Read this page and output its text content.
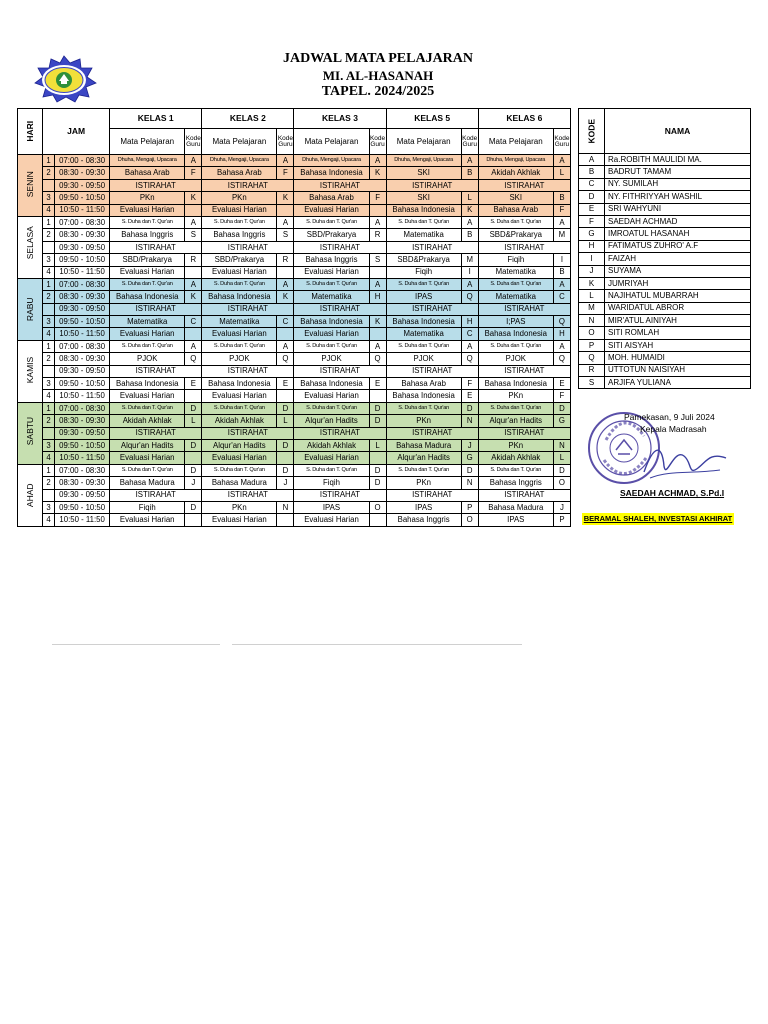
JADWAL MATA PELAJARAN
MI. AL-HASANAH
TAPEL. 2024/2025
HARI	JAM		KELAS 1		KELAS 2		KELAS 3		KELAS 5		KELAS 6	
			Mata Pelajaran	Kode Guru	Mata Pelajaran	Kode Guru	Mata Pelajaran	Kode Guru	Mata Pelajaran	Kode Guru	Mata Pelajaran	Kode Guru

SENIN	1	07:00 - 08:30	Dhuha, Mengaji, Upacara	A	Dhuha, Mengaji, Upacara	A	Dhuha, Mengaji, Upacara	A	Dhuha, Mengaji, Upacara	A	Dhuha, Mengaji, Upacara	A
	2	08:30 - 09:30	Bahasa Arab	F	Bahasa Arab	F	Bahasa Indonesia	K	SKI	B	Akidah Akhlak	L
		09:30 - 09:50	ISTIRAHAT		ISTIRAHAT		ISTIRAHAT		ISTIRAHAT		ISTIRAHAT	
	3	09:50 - 10:50	PKn	K	PKn	K	Bahasa Arab	F	SKI	L	SKI	B
	4	10:50 - 11:50	Evaluasi Harian		Evaluasi Harian		Evaluasi Harian		Bahasa Indonesia	K	Bahasa Arab	F

SELASA	1	07:00 - 08:30	S. Duha dan T. Qur'an	A	S. Duha dan T. Qur'an	A	S. Duha dan T. Qur'an	A	S. Duha dan T. Qur'an	A	S. Duha dan T. Qur'an	A
	2	08:30 - 09:30	Bahasa Inggris	S	Bahasa Inggris	S	SBD/Prakarya	R	Matematika	B	SBD&Prakarya	M
		09:30 - 09:50	ISTIRAHAT		ISTIRAHAT		ISTIRAHAT		ISTIRAHAT		ISTIRAHAT	
	3	09:50 - 10:50	SBD/Prakarya	R	SBD/Prakarya	R	Bahasa Inggris	S	SBD&Prakarya	M	Fiqih	I
	4	10:50 - 11:50	Evaluasi Harian		Evaluasi Harian		Evaluasi Harian		Fiqih	I	Matematika	B

RABU	1	07:00 - 08:30	S. Duha dan T. Qur'an	A	S. Duha dan T. Qur'an	A	S. Duha dan T. Qur'an	A	S. Duha dan T. Qur'an	A	S. Duha dan T. Qur'an	A
	2	08:30 - 09:30	Bahasa Indonesia	K	Bahasa Indonesia	K	Matematika	H	IPAS	Q	Matematika	C
		09:30 - 09:50	ISTIRAHAT		ISTIRAHAT		ISTIRAHAT		ISTIRAHAT		ISTIRAHAT	
	3	09:50 - 10:50	Matematika	C	Matematika	C	Bahasa Indonesia	K	Bahasa Indonesia	H	I;PAS	Q
	4	10:50 - 11:50	Evaluasi Harian		Evaluasi Harian		Evaluasi Harian		Matematika	C	Bahasa Indonesia	H

KAMIS	1	07:00 - 08:30	S. Duha dan T. Qur'an	A	S. Duha dan T. Qur'an	A	S. Duha dan T. Qur'an	A	S. Duha dan T. Qur'an	A	S. Duha dan T. Qur'an	A
	2	08:30 - 09:30	PJOK	Q	PJOK	Q	PJOK	Q	PJOK	Q	PJOK	Q
		09:30 - 09:50	ISTIRAHAT		ISTIRAHAT		ISTIRAHAT		ISTIRAHAT		ISTIRAHAT	
	3	09:50 - 10:50	Bahasa Indonesia	E	Bahasa Indonesia	E	Bahasa Indonesia	E	Bahasa Arab	F	Bahasa Indonesia	E
	4	10:50 - 11:50	Evaluasi Harian		Evaluasi Harian		Evaluasi Harian		Bahasa Indonesia	E	PKn	F

SABTU	1	07:00 - 08:30	S. Duha dan T. Qur'an	D	S. Duha dan T. Qur'an	D	S. Duha dan T. Qur'an	D	S. Duha dan T. Qur'an	D	S. Duha dan T. Qur'an	D
	2	08:30 - 09:30	Akidah Akhlak	L	Akidah Akhlak	L	Alqur'an Hadits	D	PKn	N	Alqur'an Hadits	G
		09:30 - 09:50	ISTIRAHAT		ISTIRAHAT		ISTIRAHAT		ISTIRAHAT		ISTIRAHAT	
	3	09:50 - 10:50	Alqur'an Hadits	D	Alqur'an Hadits	D	Akidah Akhlak	L	Bahasa Madura	J	PKn	N
	4	10:50 - 11:50	Evaluasi Harian		Evaluasi Harian		Evaluasi Harian		Alqur'an Hadits	G	Akidah Akhlak	L

AHAD	1	07:00 - 08:30	S. Duha dan T. Qur'an	D	S. Duha dan T. Qur'an	D	S. Duha dan T. Qur'an	D	S. Duha dan T. Qur'an	D	S. Duha dan T. Qur'an	D
	2	08:30 - 09:30	Bahasa Madura	J	Bahasa Madura	J	Fiqih	D	PKn	N	Bahasa Inggris	O
		09:30 - 09:50	ISTIRAHAT		ISTIRAHAT		ISTIRAHAT		ISTIRAHAT		ISTIRAHAT	
	3	09:50 - 10:50	Fiqih	D	PKn	N	IPAS	O	IPAS	P	Bahasa Madura	J
	4	10:50 - 11:50	Evaluasi Harian		Evaluasi Harian		Evaluasi Harian		Bahasa Inggris	O	IPAS	P
KODE	NAMA
A	Ra.ROBITH MAULIDI MA.
B	BADRUT TAMAM
C	NY. SUMILAH
D	NY. FITHRIYYAH WASHIL
E	SRI WAHYUNI
F	SAEDAH ACHMAD
G	IMROATUL HASANAH
H	FATIMATUS ZUHRO' A.F
I	FAIZAH
J	SUYAMA
K	JUMRIYAH
L	NAJIHATUL MUBARRAH
M	WARIDATUL ABROR
N	MIR'ATUL AINIYAH
O	SITI ROMLAH
P	SITI AISYAH
Q	MOH. HUMAIDI
R	UTTOTUN NAISIYAH
S	ARJIFA YULIANA
Pamekasan, 9 Juli 2024
Kepala Madrasah
SAEDAH ACHMAD, S.Pd.I
BERAMAL SHALEH, INVESTASI AKHIRAT
